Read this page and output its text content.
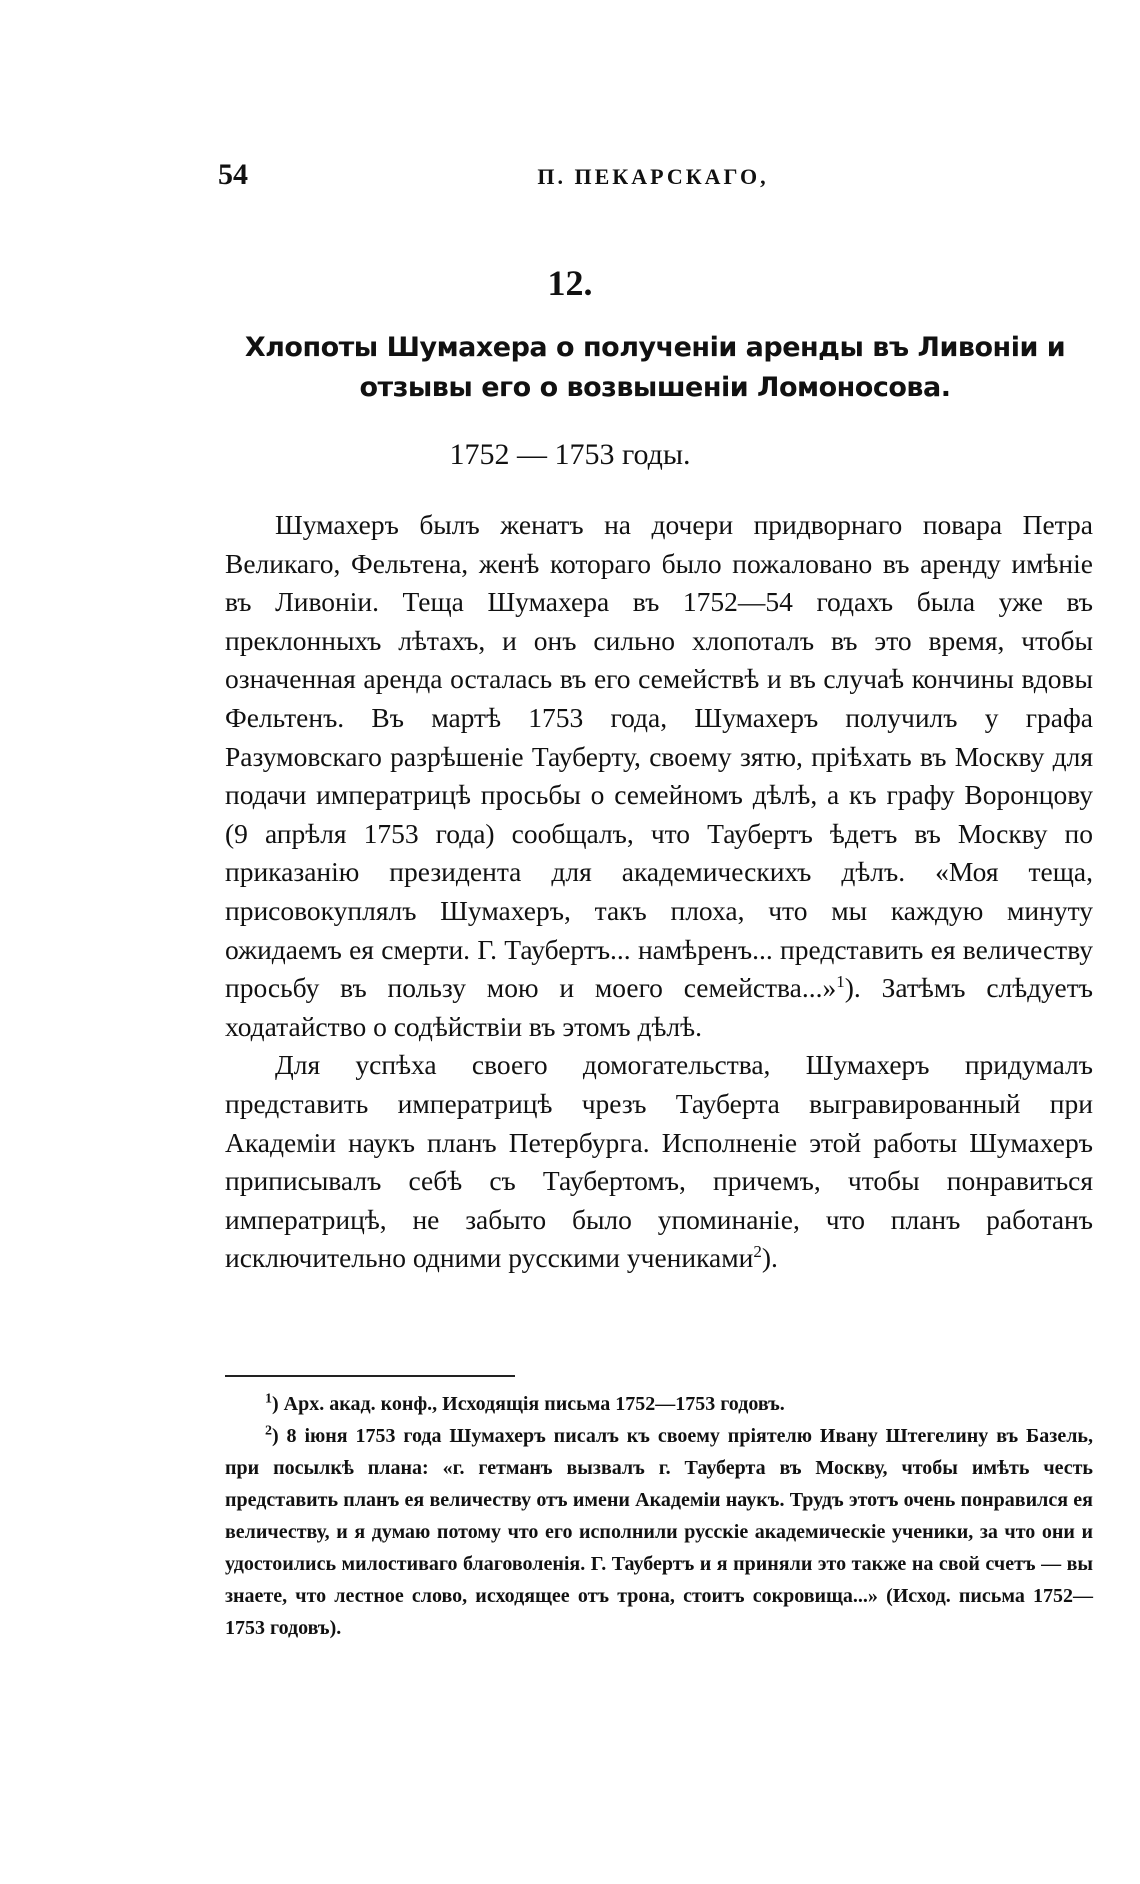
54	П. ПЕКАРСКАГО,
12.
Хлопоты Шумахера о полученіи аренды въ Ливоніи и отзывы его о возвышеніи Ломоносова.
1752 — 1753 годы.

Шумахеръ былъ женатъ на дочери придворнаго повара Петра Великаго, Фельтена, женѣ котораго было пожаловано въ аренду имѣніе въ Ливоніи. Теща Шумахера въ 1752—54 годахъ была уже въ преклонныхъ лѣтахъ, и онъ сильно хлопоталъ въ это время, чтобы означенная аренда осталась въ его семействѣ и въ случаѣ кончины вдовы Фельтенъ. Въ мартѣ 1753 года, Шумахеръ получилъ у графа Разумовскаго разрѣшеніе Тауберту, своему зятю, пріѣхать въ Москву для подачи императрицѣ просьбы о семейномъ дѣлѣ, а къ графу Воронцову (9 апрѣля 1753 года) сообщалъ, что Таубертъ ѣдетъ въ Москву по приказанію президента для академическихъ дѣлъ. «Моя теща, присовокуплялъ Шумахеръ, такъ плоха, что мы каждую минуту ожидаемъ ея смерти. Г. Таубертъ... намѣренъ... представить ея величеству просьбу въ пользу мою и моего семейства...»$^1$). Затѣмъ слѣдуетъ ходатайство о содѣйствіи въ этомъ дѣлѣ.

Для успѣха своего домогательства, Шумахеръ придумалъ представить императрицѣ чрезъ Тауберта выгравированный при Академіи наукъ планъ Петербурга. Исполненіе этой работы Шумахеръ приписывалъ себѣ съ Таубертомъ, причемъ, чтобы понравиться императрицѣ, не забыто было упоминаніе, что планъ работанъ исключительно одними русскими учениками$^2$).

$^1$) Арх. акад. конф., Исходящія письма 1752—1753 годовъ.

$^2$) 8 іюня 1753 года Шумахеръ писалъ къ своему пріятелю Ивану Штегелину въ Базель, при посылкѣ плана: «г. гетманъ вызвалъ г. Тауберта въ Москву, чтобы имѣть честь представить планъ ея величеству отъ имени Академіи наукъ. Трудъ этотъ очень понравился ея величеству, и я думаю потому что его исполнили русскіе академическіе ученики, за что они и удостоились милостиваго благоволенія. Г. Таубертъ и я приняли это также на свой счетъ — вы знаете, что лестное слово, исходящее отъ трона, стоитъ сокровища...» (Исход. письма 1752—1753 годовъ).
